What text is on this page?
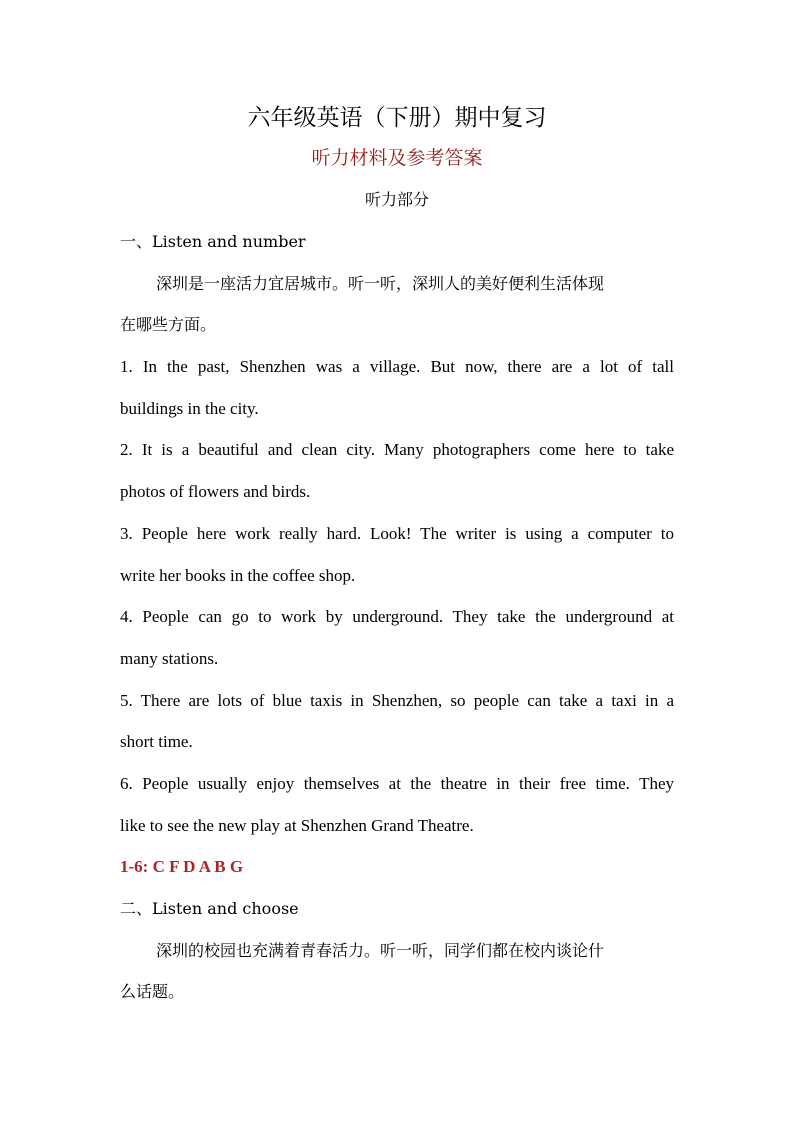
六年级英语（下册）期中复习
听力材料及参考答案
听力部分

一、Listen and number

深圳是一座活力宜居城市。听一听，深圳人的美好便利生活体现

在哪些方面。

1. In the past, Shenzhen was a village. But now, there are a lot of tall

buildings in the city.

2. It is a beautiful and clean city. Many photographers come here to take

photos of flowers and birds.

3. People here work really hard. Look! The writer is using a computer to

write her books in the coffee shop.

4. People can go to work by underground. They take the underground at

many stations.

5. There are lots of blue taxis in Shenzhen, so people can take a taxi in a

short time.

6. People usually enjoy themselves at the theatre in their free time. They

like to see the new play at Shenzhen Grand Theatre.

1-6: C F D A B G

二、Listen and choose

深圳的校园也充满着青春活力。听一听，同学们都在校内谈论什

么话题。
